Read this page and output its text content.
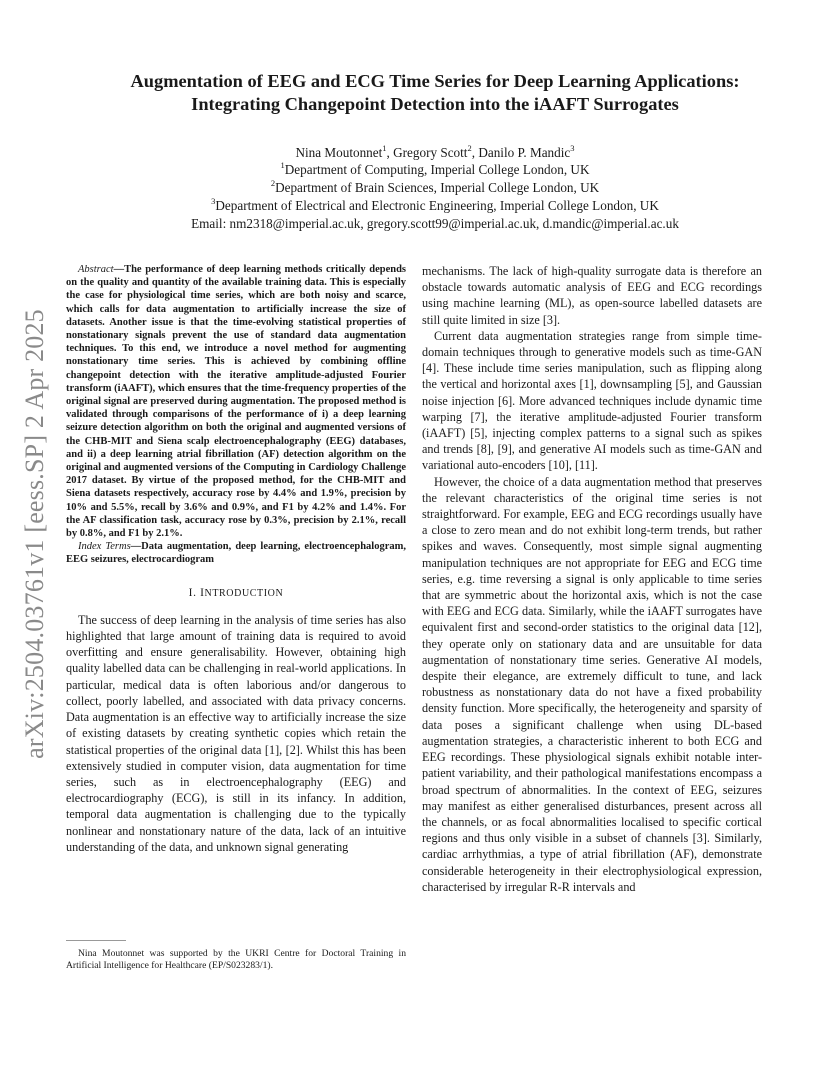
arXiv:2504.03761v1 [eess.SP] 2 Apr 2025
Augmentation of EEG and ECG Time Series for Deep Learning Applications:
Integrating Changepoint Detection into the iAAFT Surrogates
Nina Moutonnet$^1$, Gregory Scott$^2$, Danilo P. Mandic$^3$
$^1$Department of Computing, Imperial College London, UK
$^2$Department of Brain Sciences, Imperial College London, UK
$^3$Department of Electrical and Electronic Engineering, Imperial College London, UK
Email: nm2318@imperial.ac.uk, gregory.scott99@imperial.ac.uk, d.mandic@imperial.ac.uk

Abstract—The performance of deep learning methods critically depends on the quality and quantity of the available training data. This is especially the case for physiological time series, which are both noisy and scarce, which calls for data augmentation to artificially increase the size of datasets. Another issue is that the time-evolving statistical properties of nonstationary signals prevent the use of standard data augmentation techniques. To this end, we introduce a novel method for augmenting nonstationary time series. This is achieved by combining offline changepoint detection with the iterative amplitude-adjusted Fourier transform (iAAFT), which ensures that the time-frequency properties of the original signal are preserved during augmentation. The proposed method is validated through comparisons of the performance of i) a deep learning seizure detection algorithm on both the original and augmented versions of the CHB-MIT and Siena scalp electroencephalography (EEG) databases, and ii) a deep learning atrial fibrillation (AF) detection algorithm on the original and augmented versions of the Computing in Cardiology Challenge 2017 dataset. By virtue of the proposed method, for the CHB-MIT and Siena datasets respectively, accuracy rose by 4.4% and 1.9%, precision by 10% and 5.5%, recall by 3.6% and 0.9%, and F1 by 4.2% and 1.4%. For the AF classification task, accuracy rose by 0.3%, precision by 2.1%, recall by 0.8%, and F1 by 2.1%.

Index Terms—Data augmentation, deep learning, electroencephalogram, EEG seizures, electrocardiogram

I. INTRODUCTION

The success of deep learning in the analysis of time series has also highlighted that large amount of training data is required to avoid overfitting and ensure generalisability. However, obtaining high quality labelled data can be challenging in real-world applications. In particular, medical data is often laborious and/or dangerous to collect, poorly labelled, and associated with data privacy concerns. Data augmentation is an effective way to artificially increase the size of existing datasets by creating synthetic copies which retain the statistical properties of the original data [1], [2]. Whilst this has been extensively studied in computer vision, data augmentation for time series, such as in electroencephalography (EEG) and electrocardiography (ECG), is still in its infancy. In addition, temporal data augmentation is challenging due to the typically nonlinear and nonstationary nature of the data, lack of an intuitive understanding of the data, and unknown signal generating

Nina Moutonnet was supported by the UKRI Centre for Doctoral Training in Artificial Intelligence for Healthcare (EP/S023283/1).

mechanisms. The lack of high-quality surrogate data is therefore an obstacle towards automatic analysis of EEG and ECG recordings using machine learning (ML), as open-source labelled datasets are still quite limited in size [3].

Current data augmentation strategies range from simple time-domain techniques through to generative models such as time-GAN [4]. These include time series manipulation, such as flipping along the vertical and horizontal axes [1], downsampling [5], and Gaussian noise injection [6]. More advanced techniques include dynamic time warping [7], the iterative amplitude-adjusted Fourier transform (iAAFT) [5], injecting complex patterns to a signal such as spikes and trends [8], [9], and generative AI models such as time-GAN and variational auto-encoders [10], [11].

However, the choice of a data augmentation method that preserves the relevant characteristics of the original time series is not straightforward. For example, EEG and ECG recordings usually have a close to zero mean and do not exhibit long-term trends, but rather spikes and waves. Consequently, most simple signal augmenting manipulation techniques are not appropriate for EEG and ECG time series, e.g. time reversing a signal is only applicable to time series that are symmetric about the horizontal axis, which is not the case with EEG and ECG data. Similarly, while the iAAFT surrogates have equivalent first and second-order statistics to the original data [12], they operate only on stationary data and are unsuitable for data augmentation of nonstationary time series. Generative AI models, despite their elegance, are extremely difficult to tune, and lack robustness as nonstationary data do not have a fixed probability density function. More specifically, the heterogeneity and sparsity of data poses a significant challenge when using DL-based augmentation strategies, a characteristic inherent to both ECG and EEG recordings. These physiological signals exhibit notable inter-patient variability, and their pathological manifestations encompass a broad spectrum of abnormalities. In the context of EEG, seizures may manifest as either generalised disturbances, present across all the channels, or as focal abnormalities localised to specific cortical regions and thus only visible in a subset of channels [3]. Similarly, cardiac arrhythmias, a type of atrial fibrillation (AF), demonstrate considerable heterogeneity in their electrophysiological expression, characterised by irregular R-R intervals and
